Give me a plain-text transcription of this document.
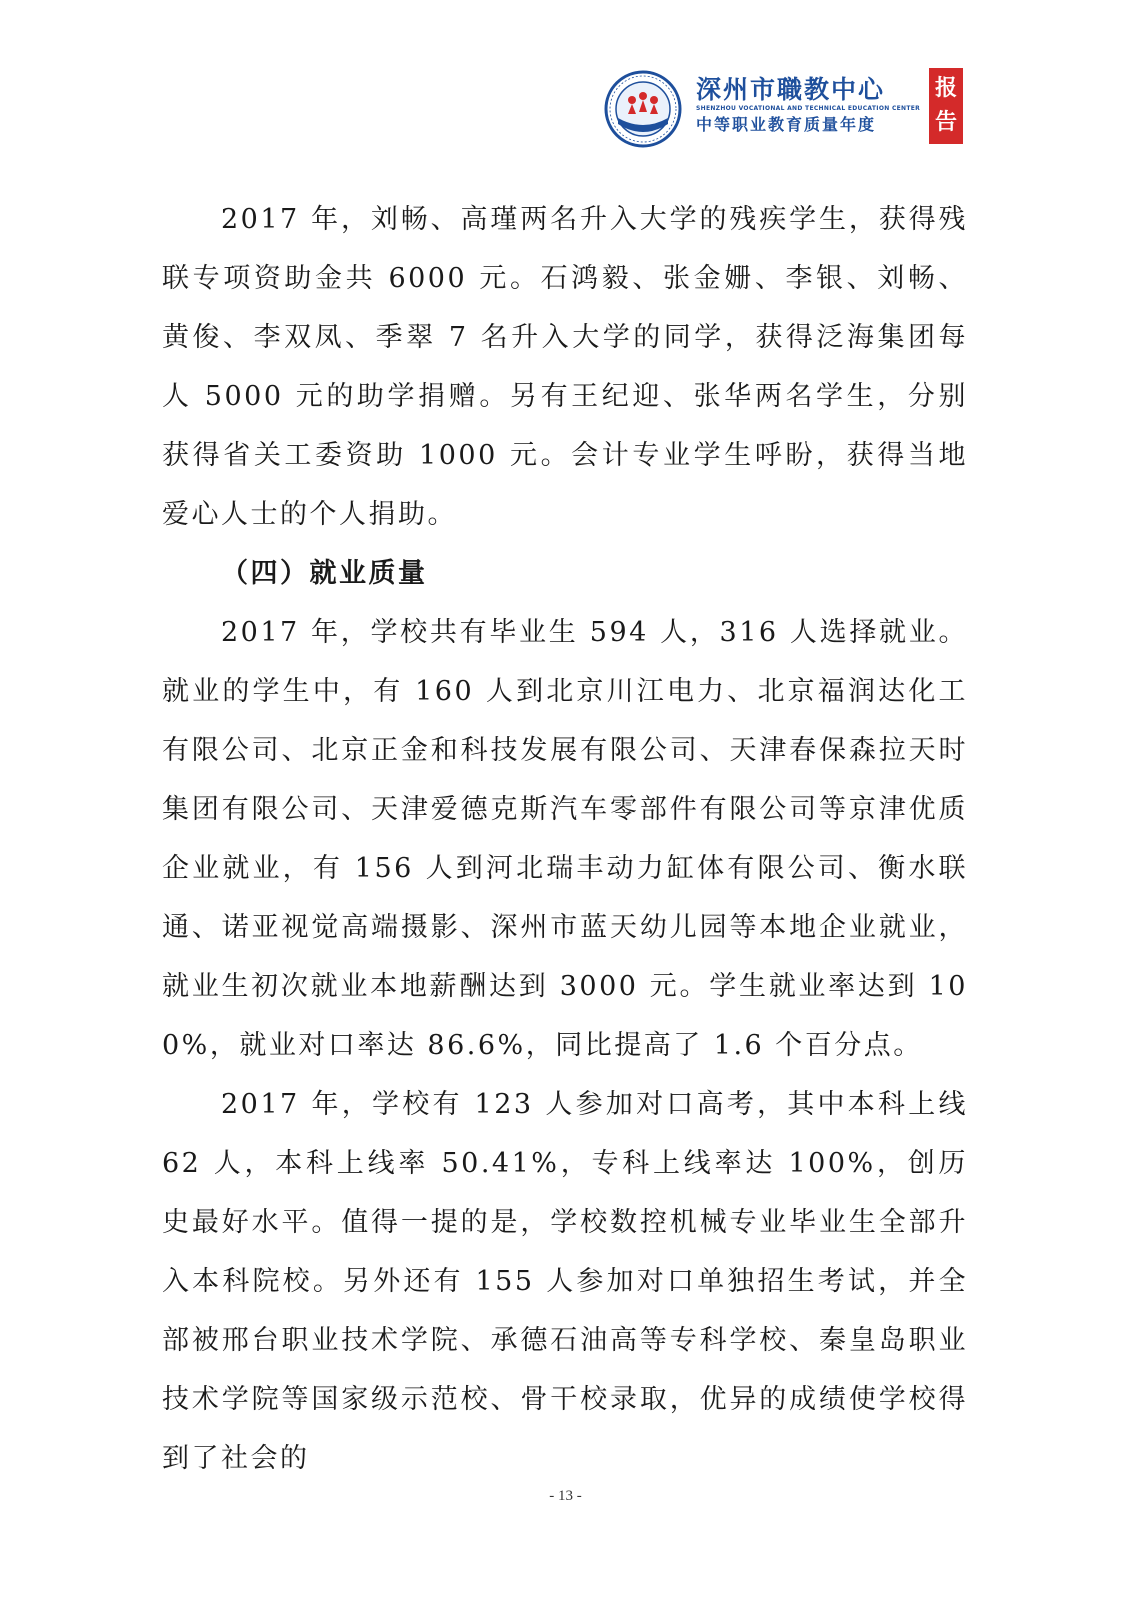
深州市職教中心
SHENZHOU VOCATIONAL AND TECHNICAL EDUCATION CENTER
中等职业教育质量年度
报
告

2017 年，刘畅、高瑾两名升入大学的残疾学生，获得残联专项资助金共 6000 元。石鸿毅、张金姗、李银、刘畅、黄俊、李双凤、季翠 7 名升入大学的同学，获得泛海集团每人 5000 元的助学捐赠。另有王纪迎、张华两名学生，分别获得省关工委资助 1000 元。会计专业学生呼盼，获得当地爱心人士的个人捐助。

（四）就业质量

2017 年，学校共有毕业生 594 人，316 人选择就业。就业的学生中，有 160 人到北京川江电力、北京福润达化工有限公司、北京正金和科技发展有限公司、天津春保森拉天时集团有限公司、天津爱德克斯汽车零部件有限公司等京津优质企业就业，有 156 人到河北瑞丰动力缸体有限公司、衡水联通、诺亚视觉高端摄影、深州市蓝天幼儿园等本地企业就业，就业生初次就业本地薪酬达到 3000 元。学生就业率达到 100%，就业对口率达 86.6%，同比提高了 1.6 个百分点。

2017 年，学校有 123 人参加对口高考，其中本科上线 62 人，本科上线率 50.41%，专科上线率达 100%，创历史最好水平。值得一提的是，学校数控机械专业毕业生全部升入本科院校。另外还有 155 人参加对口单独招生考试，并全部被邢台职业技术学院、承德石油高等专科学校、秦皇岛职业技术学院等国家级示范校、骨干校录取，优异的成绩使学校得到了社会的

- 13 -
